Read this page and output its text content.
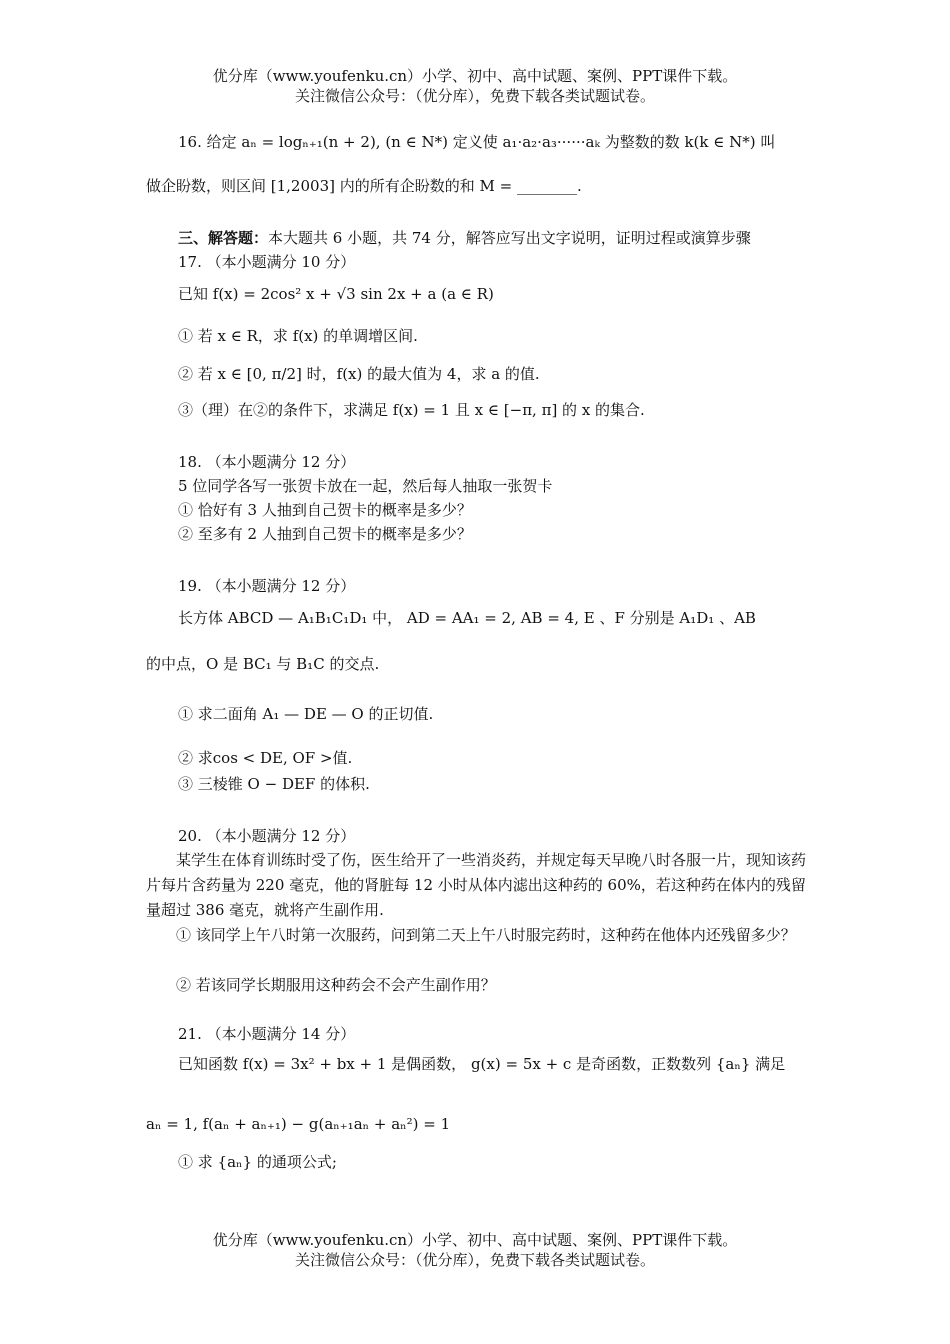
优分库（www.youfenku.cn）小学、初中、高中试题、案例、PPT课件下载。
关注微信公众号：（优分库），免费下载各类试题试卷。
16. 给定 aₙ = logₙ₊₁(n + 2), (n ∈ N*) 定义使 a₁·a₂·a₃······aₖ 为整数的数 k(k ∈ N*) 叫
做企盼数，则区间 [1,2003] 内的所有企盼数的和 M = ________.
三、解答题：本大题共 6 小题，共 74 分，解答应写出文字说明，证明过程或演算步骤
17. （本小题满分 10 分）
已知 f(x) = 2cos² x + √3 sin 2x + a (a ∈ R)
① 若 x ∈ R，求 f(x) 的单调增区间.
② 若 x ∈ [0, π/2] 时，f(x) 的最大值为 4，求 a 的值.
③（理）在②的条件下，求满足 f(x) = 1 且 x ∈ [−π, π] 的 x 的集合.
18. （本小题满分 12 分）
5 位同学各写一张贺卡放在一起，然后每人抽取一张贺卡
① 恰好有 3 人抽到自己贺卡的概率是多少？
② 至多有 2 人抽到自己贺卡的概率是多少？
19. （本小题满分 12 分）
长方体 ABCD — A₁B₁C₁D₁ 中， AD = AA₁ = 2, AB = 4, E 、F 分别是 A₁D₁ 、AB
的中点，O 是 BC₁ 与 B₁C 的交点.
① 求二面角 A₁ — DE — O 的正切值.
② 求cos < DE, OF >值.
③ 三棱锥 O − DEF 的体积.
20. （本小题满分 12 分）
某学生在体育训练时受了伤，医生给开了一些消炎药，并规定每天早晚八时各服一片，现知该药片每片含药量为 220 毫克，他的肾脏每 12 小时从体内滤出这种药的 60%，若这种药在体内的残留量超过 386 毫克，就将产生副作用.
① 该同学上午八时第一次服药，问到第二天上午八时服完药时，这种药在他体内还残留多少？
② 若该同学长期服用这种药会不会产生副作用？
21. （本小题满分 14 分）
已知函数 f(x) = 3x² + bx + 1 是偶函数， g(x) = 5x + c 是奇函数，正数数列 {aₙ} 满足
aₙ = 1, f(aₙ + aₙ₊₁) − g(aₙ₊₁aₙ + aₙ²) = 1
① 求 {aₙ} 的通项公式;
优分库（www.youfenku.cn）小学、初中、高中试题、案例、PPT课件下载。
关注微信公众号：（优分库），免费下载各类试题试卷。
